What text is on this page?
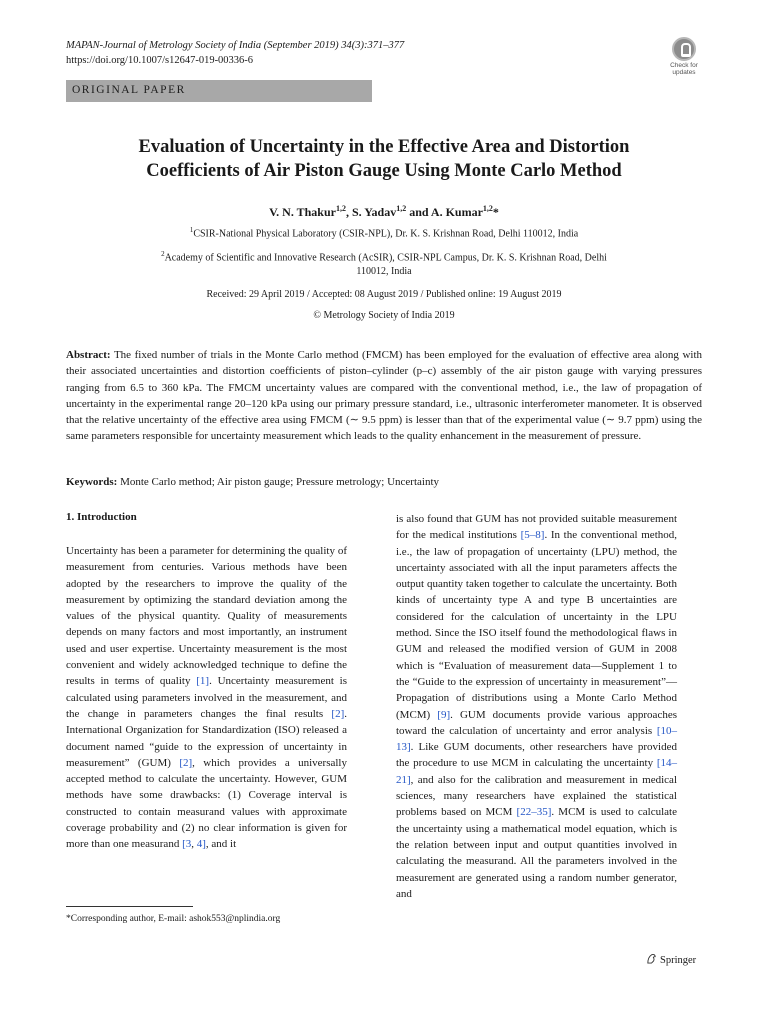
MAPAN-Journal of Metrology Society of India (September 2019) 34(3):371–377
https://doi.org/10.1007/s12647-019-00336-6	Check for
updates
ORIGINAL PAPER
Evaluation of Uncertainty in the Effective Area and Distortion
Coefficients of Air Piston Gauge Using Monte Carlo Method
V. N. Thakur$^{1,2}$, S. Yadav$^{1,2}$ and A. Kumar$^{1,2}$*
$^1$CSIR-National Physical Laboratory (CSIR-NPL), Dr. K. S. Krishnan Road, Delhi 110012, India
$^2$Academy of Scientific and Innovative Research (AcSIR), CSIR-NPL Campus, Dr. K. S. Krishnan Road, Delhi
110012, India
Received: 29 April 2019 / Accepted: 08 August 2019 / Published online: 19 August 2019
© Metrology Society of India 2019
Abstract: The fixed number of trials in the Monte Carlo method (FMCM) has been employed for the evaluation of effective area along with their associated uncertainties and distortion coefficients of piston–cylinder (p–c) assembly of the air piston gauge with varying pressures ranging from 6.5 to 360 kPa. The FMCM uncertainty values are compared with the conventional method, i.e., the law of propagation of uncertainty in the experimental range 20–120 kPa using our primary pressure standard, i.e., ultrasonic interferometer manometer. It is observed that the relative uncertainty of the effective area using FMCM (∼ 9.5 ppm) is lesser than that of the experimental value (∼ 9.7 ppm) using the same parameters responsible for uncertainty measurement which leads to the quality enhancement in the measurement of pressure.
Keywords: Monte Carlo method; Air piston gauge; Pressure metrology; Uncertainty
1. Introduction
Uncertainty has been a parameter for determining the quality of measurement from centuries. Various methods have been adopted by the researchers to improve the quality of the measurement by optimizing the standard deviation among the values of the physical quantity. Quality of measurements depends on many factors and most importantly, an instrument used and user expertise. Uncertainty measurement is the most convenient and widely acknowledged technique to define the results in terms of quality [1]. Uncertainty measurement is calculated using parameters involved in the measurement, and the change in parameters changes the final results [2]. International Organization for Standardization (ISO) released a document named “guide to the expression of uncertainty in measurement” (GUM) [2], which provides a universally accepted method to calculate the uncertainty. However, GUM methods have some drawbacks: (1) Coverage interval is constructed to contain measurand values with approximate coverage probability and (2) no clear information is given for more than one measurand [3, 4], and it
is also found that GUM has not provided suitable measurement for the medical institutions [5–8]. In the conventional method, i.e., the law of propagation of uncertainty (LPU) method, the uncertainty associated with all the input parameters affects the output quantity taken together to calculate the uncertainty. Both kinds of uncertainty type A and type B uncertainties are considered for the calculation of uncertainty in the LPU method. Since the ISO itself found the methodological flaws in GUM and released the modified version of GUM in 2008 which is “Evaluation of measurement data—Supplement 1 to the “Guide to the expression of uncertainty in measurement”—Propagation of distributions using a Monte Carlo Method (MCM) [9]. GUM documents provide various approaches toward the calculation of uncertainty and error analysis [10–13]. Like GUM documents, other researchers have provided the procedure to use MCM in calculating the uncertainty [14–21], and also for the calibration and measurement in medical sciences, many researchers have explained the statistical problems based on MCM [22–35]. MCM is used to calculate the uncertainty using a mathematical model equation, which is the relation between input and output quantities involved in calculating the measurand. All the parameters involved in the measurement are generated using a random number generator, and
*Corresponding author, E-mail: ashok553@nplindia.org
Springer
